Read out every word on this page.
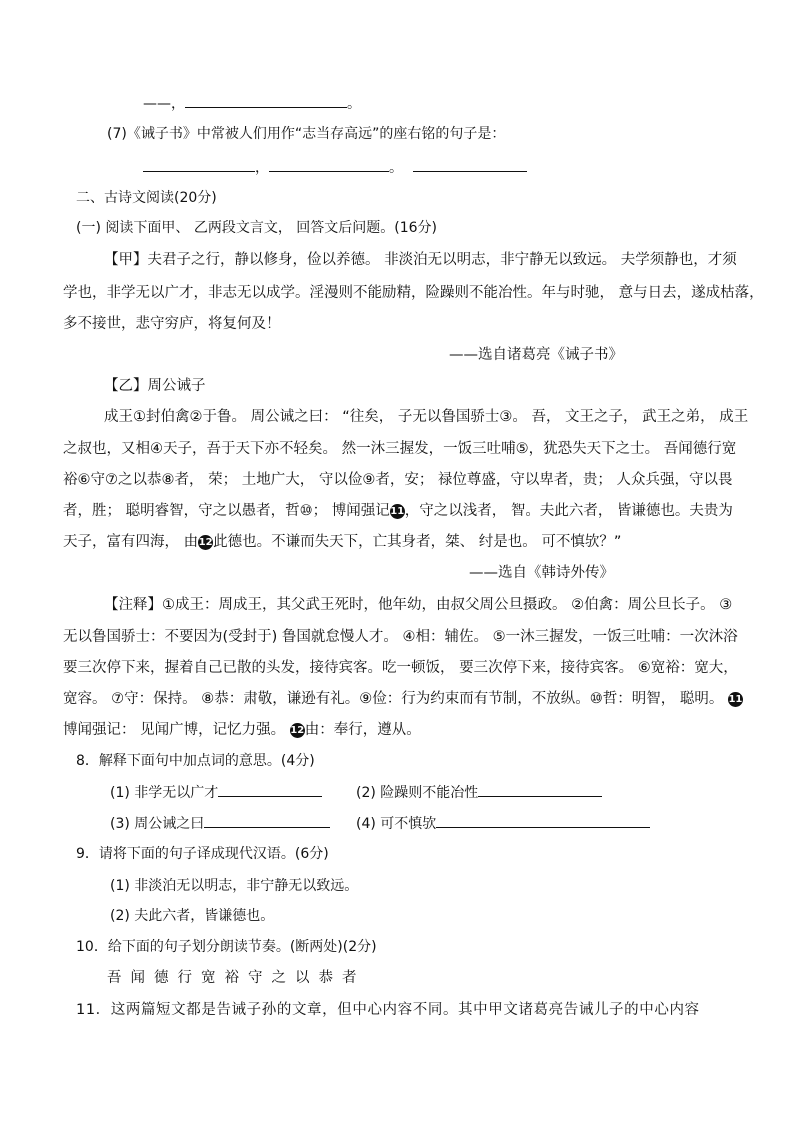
——，	。
(7)《诫子书》中常被人们用作“志当存高远”的座右铭的句子是：
，	。
二、古诗文阅读(20分)
(一) 阅读下面甲、 乙两段文言文， 回答文后问题。(16分)
【甲】夫君子之行，静以修身，俭以养德。 非淡泊无以明志，非宁静无以致远。 夫学须静也，才须
学也，非学无以广才，非志无以成学。淫漫则不能励精，险躁则不能冶性。年与时驰， 意与日去，遂成枯落，
多不接世，悲守穷庐，将复何及！
——选自诸葛亮《诫子书》
【乙】周公诫子
成王①封伯禽②于鲁。 周公诫之曰： “往矣， 子无以鲁国骄士③。 吾， 文王之子， 武王之弟， 成王
之叔也，又相④天子，吾于天下亦不轻矣。 然一沐三握发，一饭三吐哺⑤，犹恐失天下之士。 吾闻德行宽
裕⑥守⑦之以恭⑧者， 荣； 土地广大， 守以俭⑨者，安； 禄位尊盛，守以卑者，贵； 人众兵强，守以畏
者，胜； 聪明睿智，守之以愚者，哲⑩； 博闻强记11，守之以浅者， 智。夫此六者， 皆谦德也。夫贵为
天子，富有四海， 由12此德也。不谦而失天下，亡其身者，桀、 纣是也。 可不慎欤？”
——选自《韩诗外传》
【注释】①成王：周成王，其父武王死时，他年幼，由叔父周公旦摄政。 ②伯禽：周公旦长子。 ③
无以鲁国骄士：不要因为(受封于) 鲁国就怠慢人才。 ④相：辅佐。 ⑤一沐三握发，一饭三吐哺：一次沐浴
要三次停下来，握着自己已散的头发，接待宾客。吃一顿饭， 要三次停下来，接待宾客。 ⑥宽裕：宽大，
宽容。 ⑦守：保持。 ⑧恭：肃敬，谦逊有礼。⑨俭：行为约束而有节制，不放纵。⑩哲：明智， 聪明。 11
博闻强记： 见闻广博，记忆力强。 12由：奉行，遵从。
8．解释下面句中加点词的意思。(4分)
(1) 非学无以广才	(2) 险躁则不能冶性
(3) 周公诫之曰	(4) 可不慎欤
9．请将下面的句子译成现代汉语。(6分)
(1) 非淡泊无以明志，非宁静无以致远。
(2) 夫此六者，皆谦德也。
10．给下面的句子划分朗读节奏。(断两处)(2分)
吾闻德行宽裕守之以恭者
11．这两篇短文都是告诫子孙的文章，但中心内容不同。其中甲文诸葛亮告诫儿子的中心内容
